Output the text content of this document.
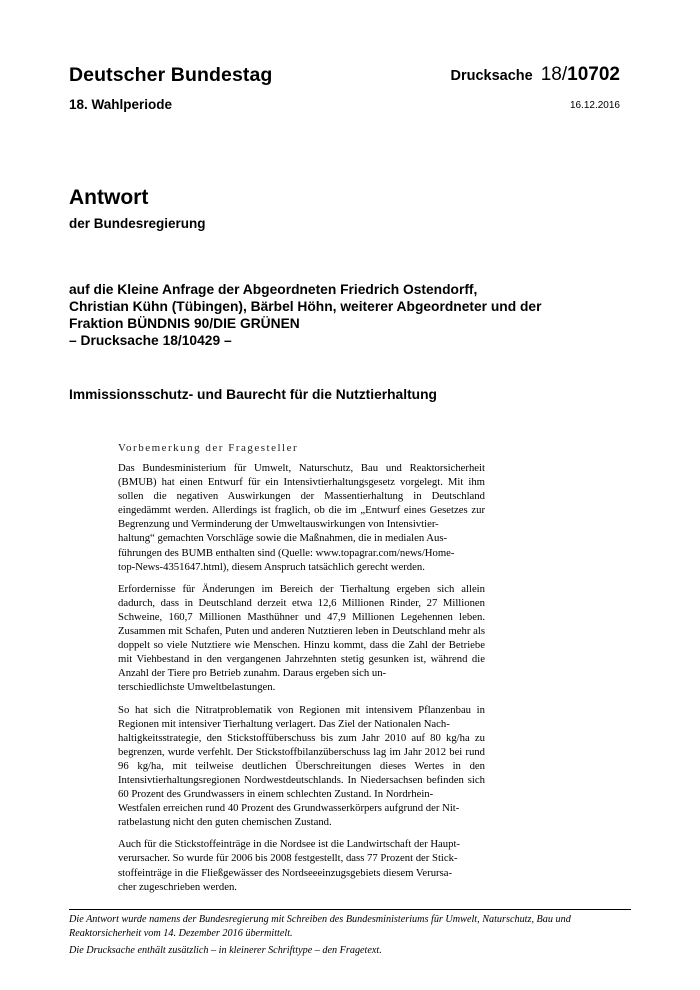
Deutscher Bundestag
18. Wahlperiode
Drucksache 18/10702
16.12.2016
Antwort
der Bundesregierung
auf die Kleine Anfrage der Abgeordneten Friedrich Ostendorff,
Christian Kühn (Tübingen), Bärbel Höhn, weiterer Abgeordneter und der
Fraktion BÜNDNIS 90/DIE GRÜNEN
– Drucksache 18/10429 –
Immissionsschutz- und Baurecht für die Nutztierhaltung
Vorbemerkung der Fragesteller

Das Bundesministerium für Umwelt, Naturschutz, Bau und Reaktorsicherheit (BMUB) hat einen Entwurf für ein Intensivtierhaltungsgesetz vorgelegt. Mit ihm sollen die negativen Auswirkungen der Massentierhaltung in Deutschland eingedämmt werden. Allerdings ist fraglich, ob die im „Entwurf eines Gesetzes zur Begrenzung und Verminderung der Umweltauswirkungen von Intensivtier-
haltung“ gemachten Vorschläge sowie die Maßnahmen, die in medialen Aus-
führungen des BUMB enthalten sind (Quelle: www.topagrar.com/news/Home-
top-News-4351647.html), diesem Anspruch tatsächlich gerecht werden.

Erfordernisse für Änderungen im Bereich der Tierhaltung ergeben sich allein dadurch, dass in Deutschland derzeit etwa 12,6 Millionen Rinder, 27 Millionen Schweine, 160,7 Millionen Masthühner und 47,9 Millionen Legehennen leben. Zusammen mit Schafen, Puten und anderen Nutztieren leben in Deutschland mehr als doppelt so viele Nutztiere wie Menschen. Hinzu kommt, dass die Zahl der Betriebe mit Viehbestand in den vergangenen Jahrzehnten stetig gesunken ist, während die Anzahl der Tiere pro Betrieb zunahm. Daraus ergeben sich un-
terschiedlichste Umweltbelastungen.

So hat sich die Nitratproblematik von Regionen mit intensivem Pflanzenbau in Regionen mit intensiver Tierhaltung verlagert. Das Ziel der Nationalen Nach-
haltigkeitsstrategie, den Stickstoffüberschuss bis zum Jahr 2010 auf 80 kg/ha zu begrenzen, wurde verfehlt. Der Stickstoffbilanzüberschuss lag im Jahr 2012 bei rund 96 kg/ha, mit teilweise deutlichen Überschreitungen dieses Wertes in den Intensivtierhaltungsregionen Nordwestdeutschlands. In Niedersachsen befinden sich 60 Prozent des Grundwassers in einem schlechten Zustand. In Nordrhein-
Westfalen erreichen rund 40 Prozent des Grundwasserkörpers aufgrund der Nit-
ratbelastung nicht den guten chemischen Zustand.

Auch für die Stickstoffeinträge in die Nordsee ist die Landwirtschaft der Haupt-
verursacher. So wurde für 2006 bis 2008 festgestellt, dass 77 Prozent der Stick-
stoffeinträge in die Fließgewässer des Nordseeeinzugsgebiets diesem Verursa-
cher zugeschrieben werden.

Die Antwort wurde namens der Bundesregierung mit Schreiben des Bundesministeriums für Umwelt, Naturschutz, Bau und Reaktorsicherheit vom 14. Dezember 2016 übermittelt.

Die Drucksache enthält zusätzlich – in kleinerer Schrifttype – den Fragetext.
